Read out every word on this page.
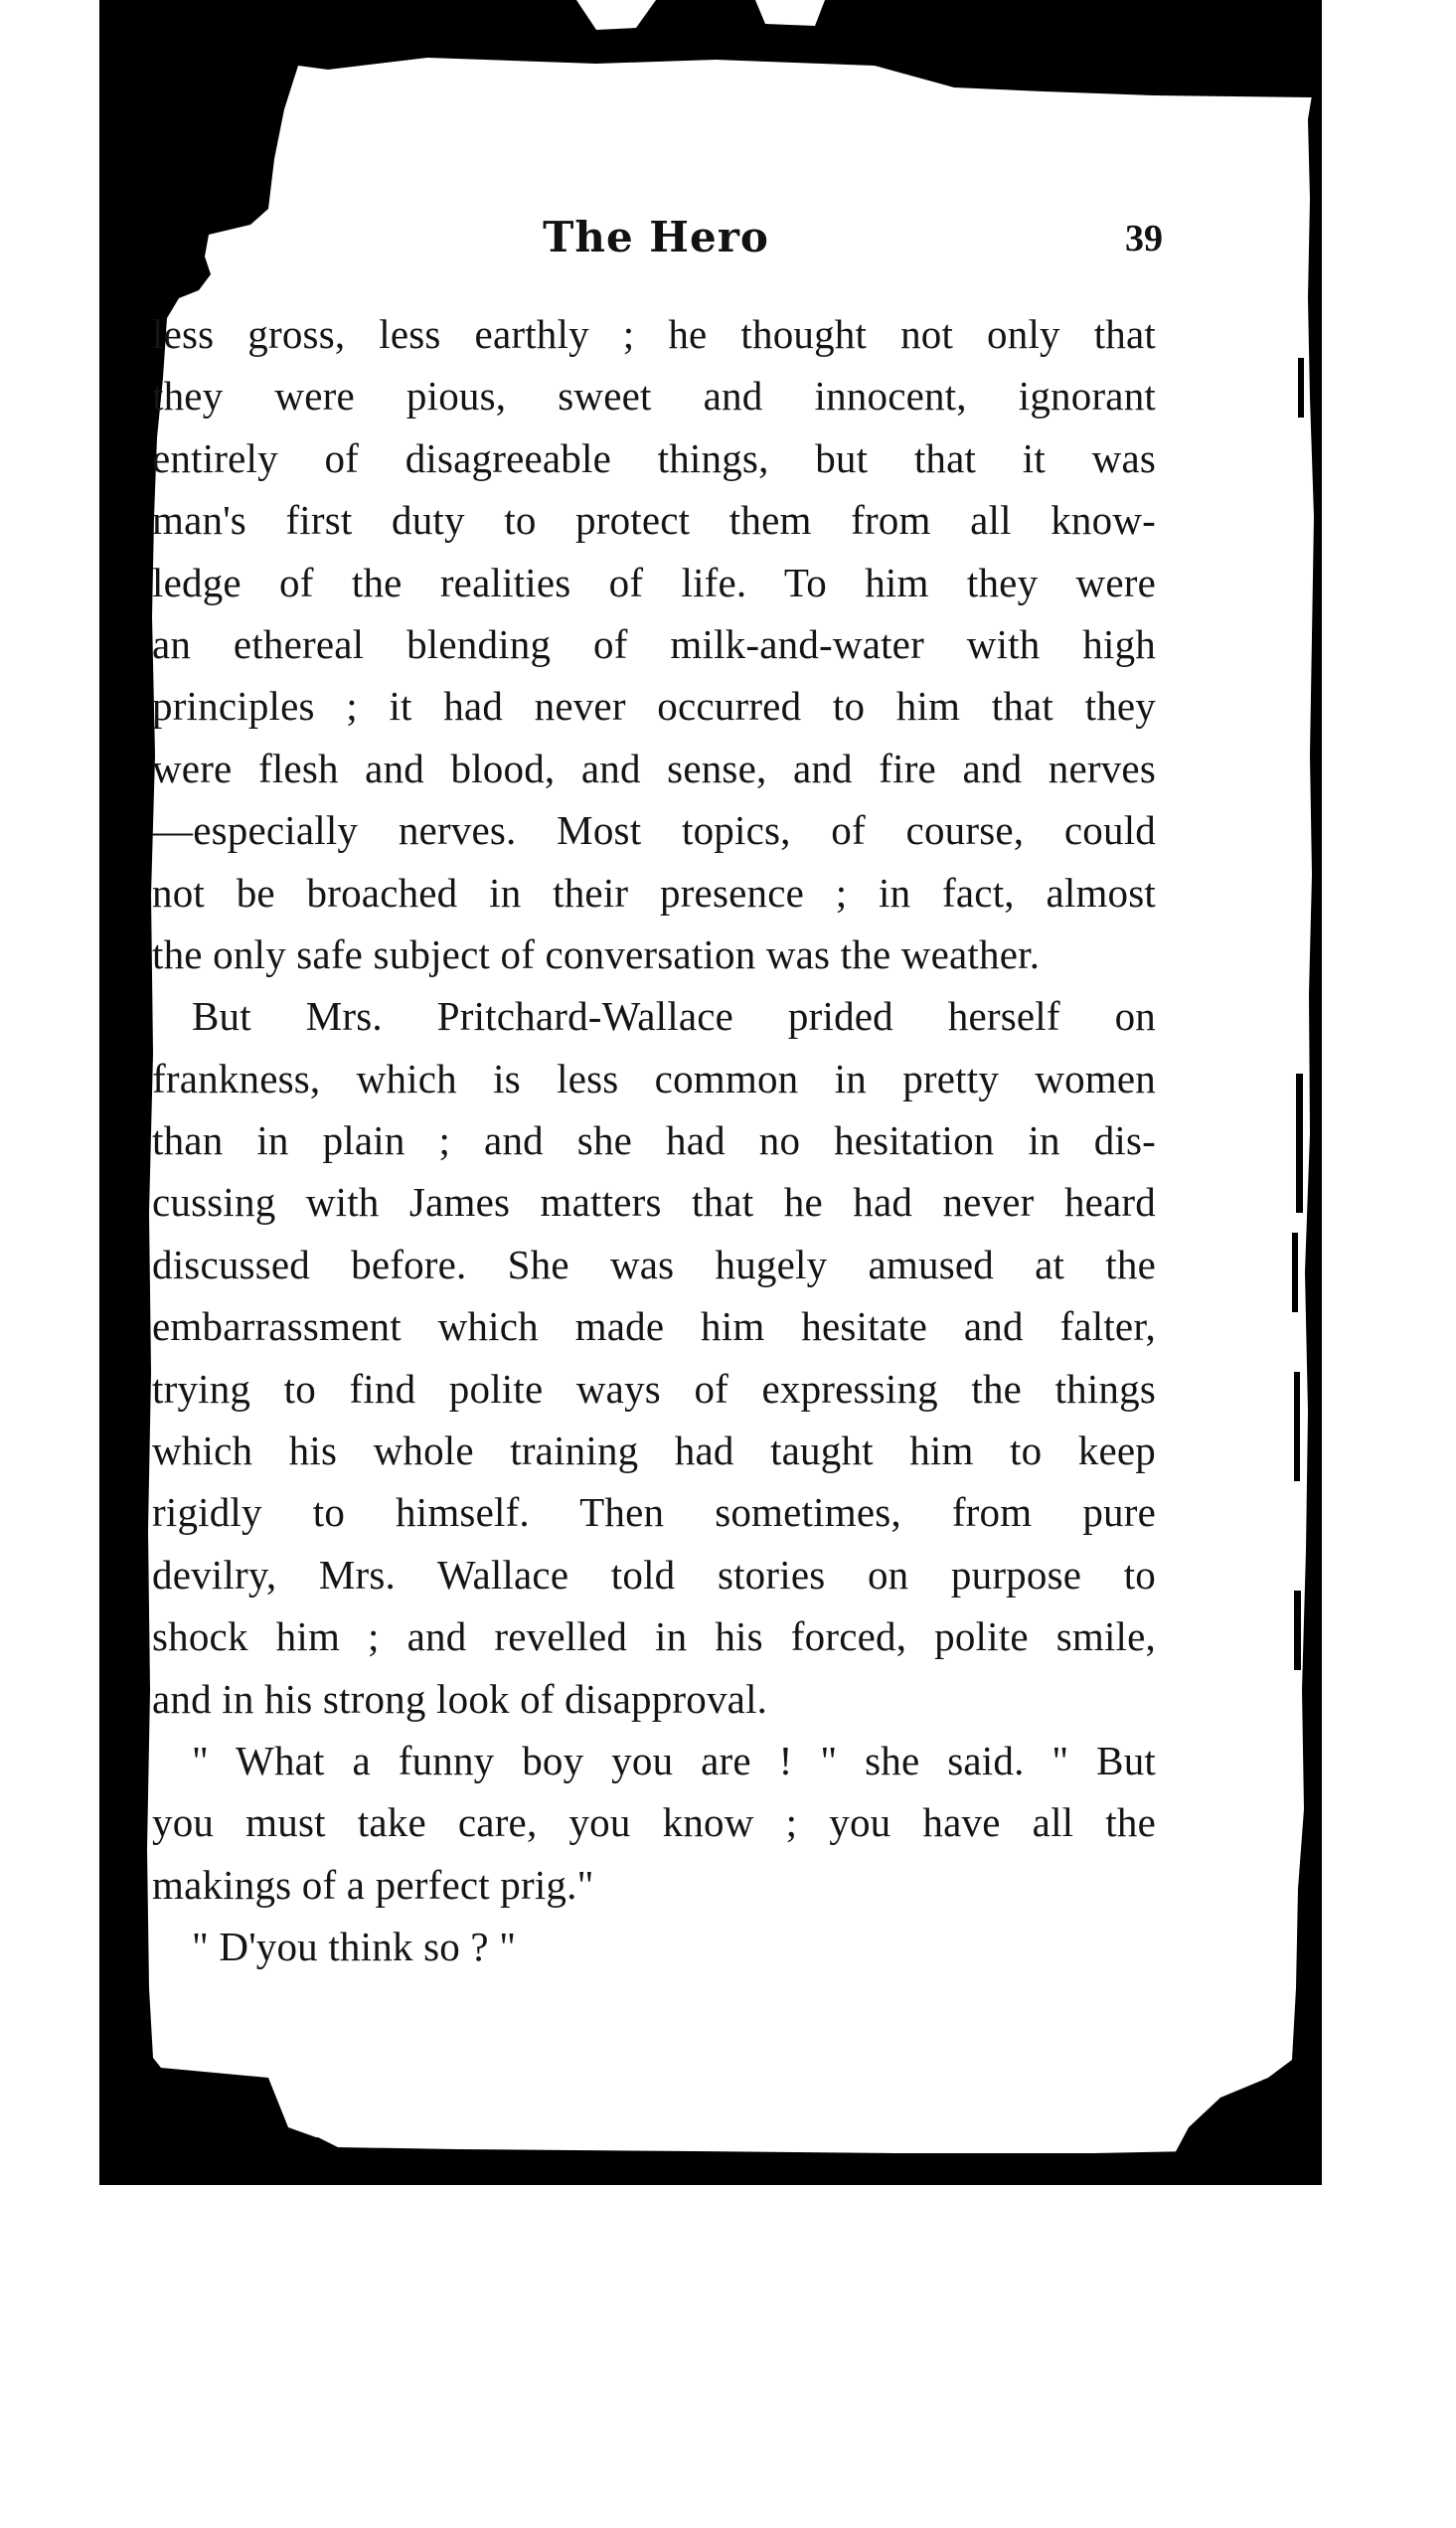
The Hero	39
less gross, less earthly ; he thought not only that
they were pious, sweet and innocent, ignorant
entirely of disagreeable things, but that it was
man's first duty to protect them from all know-
ledge of the realities of life. To him they were
an ethereal blending of milk-and-water with high
principles ; it had never occurred to him that they
were flesh and blood, and sense, and fire and nerves
—especially nerves. Most topics, of course, could
not be broached in their presence ; in fact, almost
the only safe subject of conversation was the weather.
But Mrs. Pritchard-Wallace prided herself on
frankness, which is less common in pretty women
than in plain ; and she had no hesitation in dis-
cussing with James matters that he had never heard
discussed before. She was hugely amused at the
embarrassment which made him hesitate and falter,
trying to find polite ways of expressing the things
which his whole training had taught him to keep
rigidly to himself. Then sometimes, from pure
devilry, Mrs. Wallace told stories on purpose to
shock him ; and revelled in his forced, polite smile,
and in his strong look of disapproval.
" What a funny boy you are ! " she said. " But
you must take care, you know ; you have all the
makings of a perfect prig."
" D'you think so ? "
